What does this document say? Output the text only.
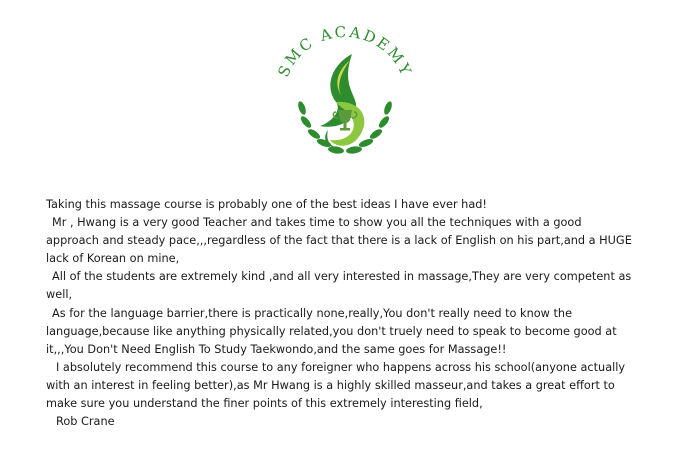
SMC ACADEMY
Taking this massage course is probably one of the best ideas I have ever had!
Mr , Hwang is a very good Teacher and takes time to show you all the techniques with a good
approach and steady pace,,,regardless of the fact that there is a lack of English on his part,and a HUGE
lack of Korean on mine,
All of the students are extremely kind ,and all very interested in massage,They are very competent as
well,
As for the language barrier,there is practically none,really,You don't really need to know the
language,because like anything physically related,you don't truely need to speak to become good at
it,,,You Don't Need English To Study Taekwondo,and the same goes for Massage!!
I absolutely recommend this course to any foreigner who happens across his school(anyone actually
with an interest in feeling better),as Mr Hwang is a highly skilled masseur,and takes a great effort to
make sure you understand the finer points of this extremely interesting field,
Rob Crane
